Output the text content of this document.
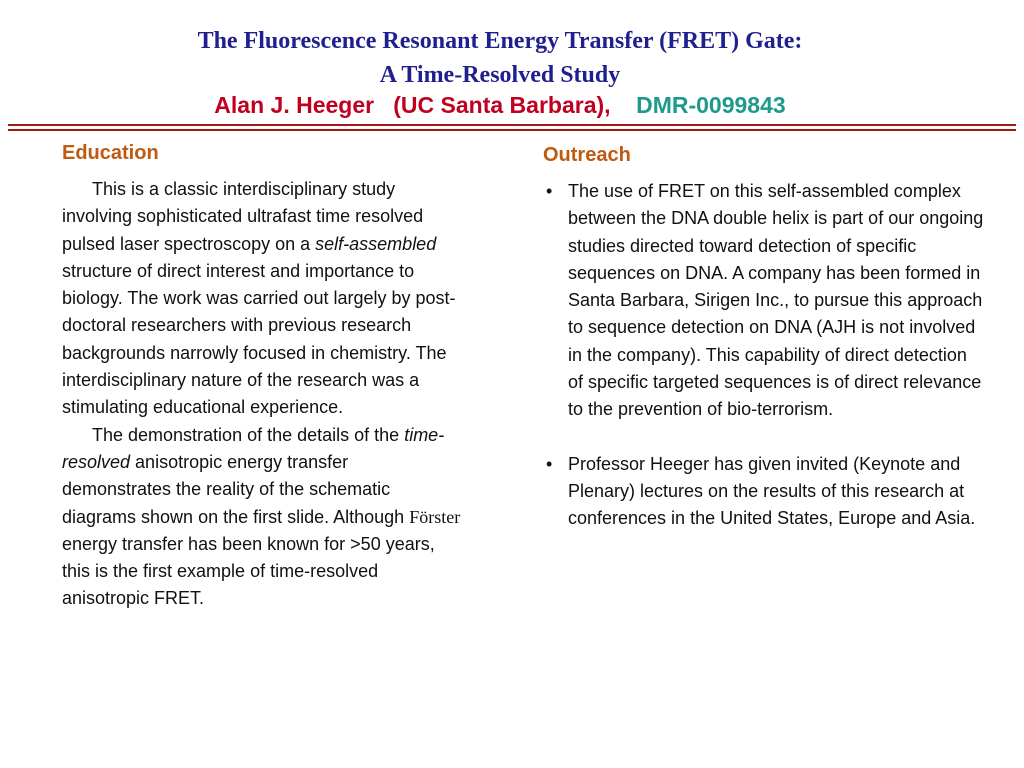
The Fluorescence Resonant Energy Transfer (FRET) Gate:
A Time-Resolved Study
Alan J. Heeger   (UC Santa Barbara), DMR-0099843
Education

This is a classic interdisciplinary study involving sophisticated ultrafast time resolved pulsed laser spectroscopy on a self-assembled structure of direct interest and importance to biology. The work was carried out largely by post-doctoral researchers with previous research backgrounds narrowly focused in chemistry. The interdisciplinary nature of the research was a stimulating educational experience.

The demonstration of the details of the time-resolved anisotropic energy transfer demonstrates the reality of the schematic diagrams shown on the first slide. Although Förster energy transfer has been known for >50 years, this is the first example of time-resolved anisotropic FRET.

Outreach

• The use of FRET on this self-assembled complex between the DNA double helix is part of our ongoing studies directed toward detection of specific sequences on DNA. A company has been formed in Santa Barbara, Sirigen Inc., to pursue this approach to sequence detection on DNA (AJH is not involved in the company). This capability of direct detection of specific targeted sequences is of direct relevance to the prevention of bio-terrorism.

• Professor Heeger has given invited (Keynote and Plenary) lectures on the results of this research at conferences in the United States, Europe and Asia.
